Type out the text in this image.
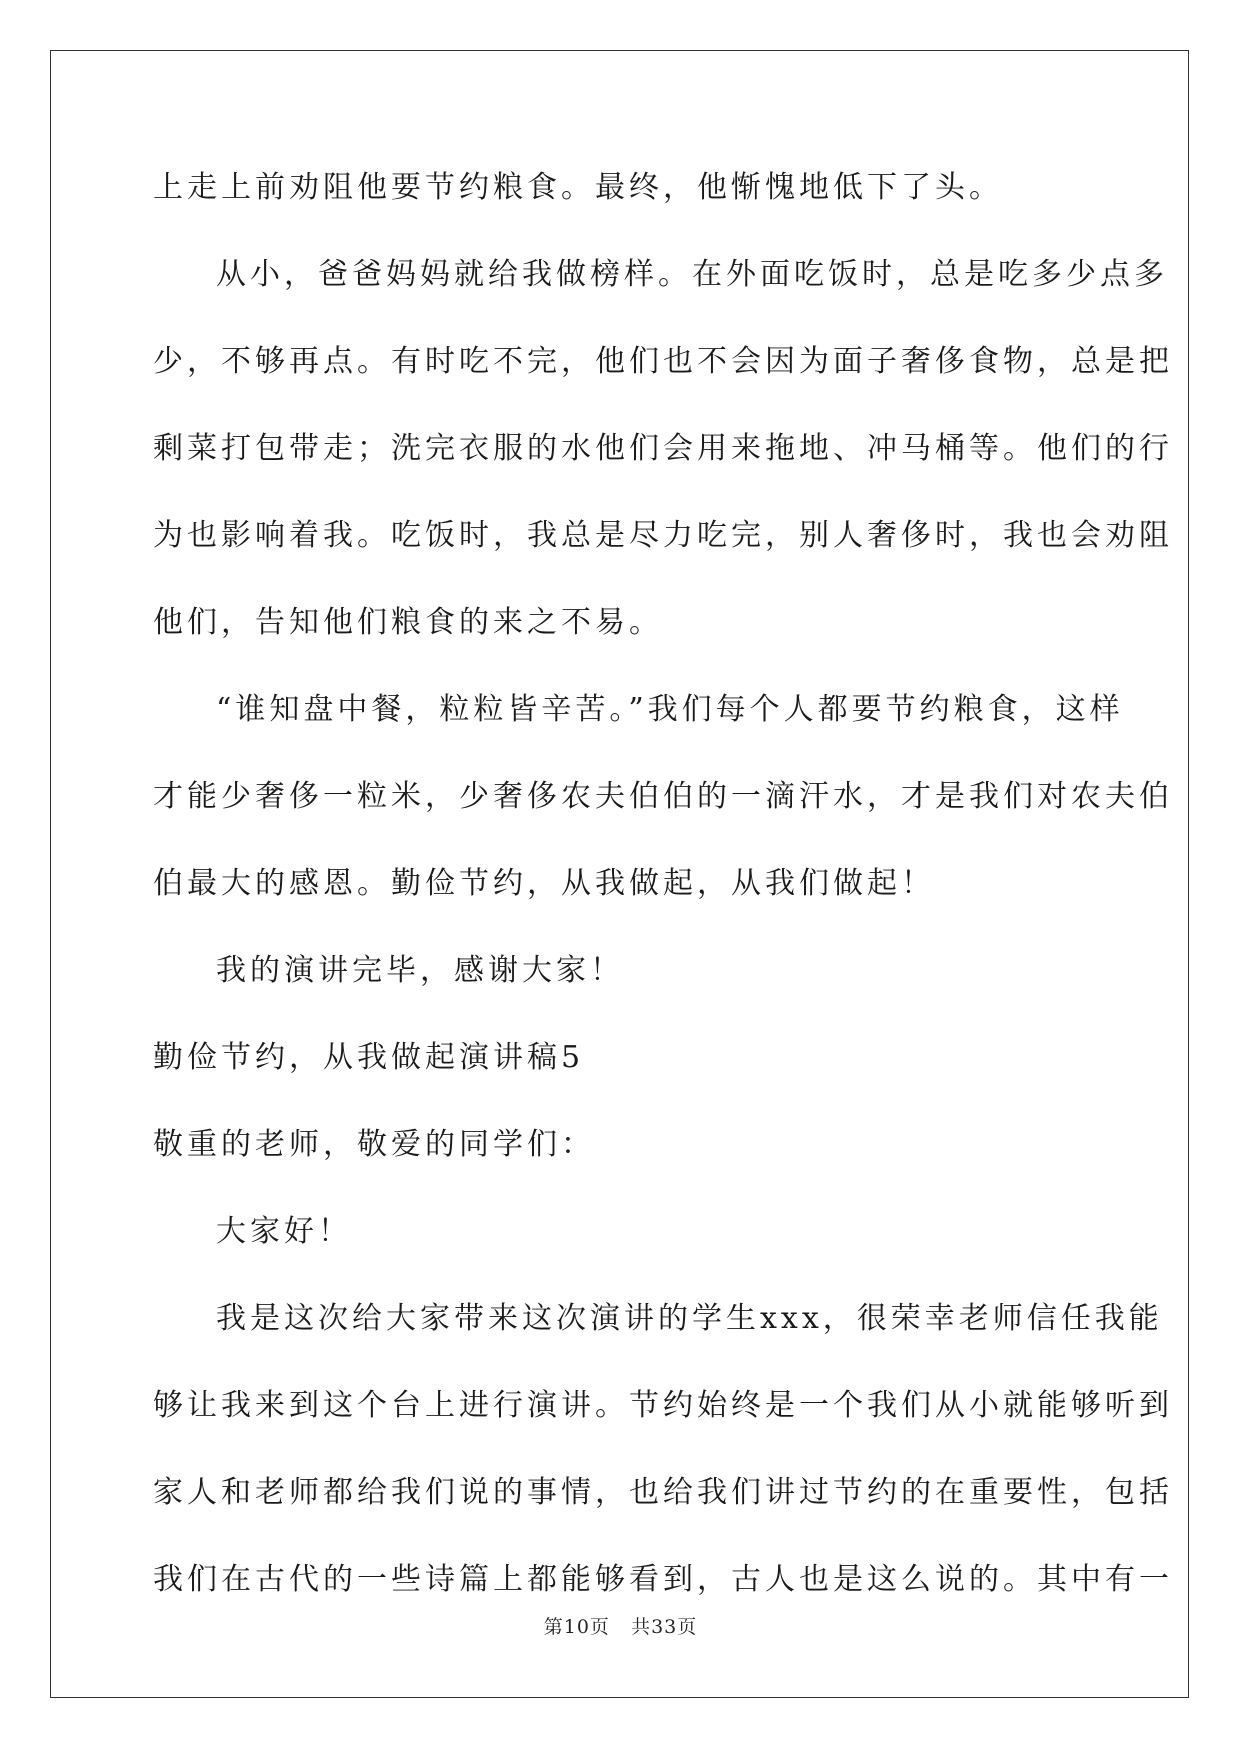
上走上前劝阻他要节约粮食。最终，他惭愧地低下了头。
从小，爸爸妈妈就给我做榜样。在外面吃饭时，总是吃多少点多
少，不够再点。有时吃不完，他们也不会因为面子奢侈食物，总是把
剩菜打包带走；洗完衣服的水他们会用来拖地、冲马桶等。他们的行
为也影响着我。吃饭时，我总是尽力吃完，别人奢侈时，我也会劝阻
他们，告知他们粮食的来之不易。
“谁知盘中餐，粒粒皆辛苦。”我们每个人都要节约粮食，这样
才能少奢侈一粒米，少奢侈农夫伯伯的一滴汗水，才是我们对农夫伯
伯最大的感恩。勤俭节约，从我做起，从我们做起！
我的演讲完毕，感谢大家！
勤俭节约，从我做起演讲稿5
敬重的老师，敬爱的同学们：
大家好！
我是这次给大家带来这次演讲的学生xxx，很荣幸老师信任我能
够让我来到这个台上进行演讲。节约始终是一个我们从小就能够听到
家人和老师都给我们说的事情，也给我们讲过节约的在重要性，包括
我们在古代的一些诗篇上都能够看到，古人也是这么说的。其中有一
第10页 共33页
